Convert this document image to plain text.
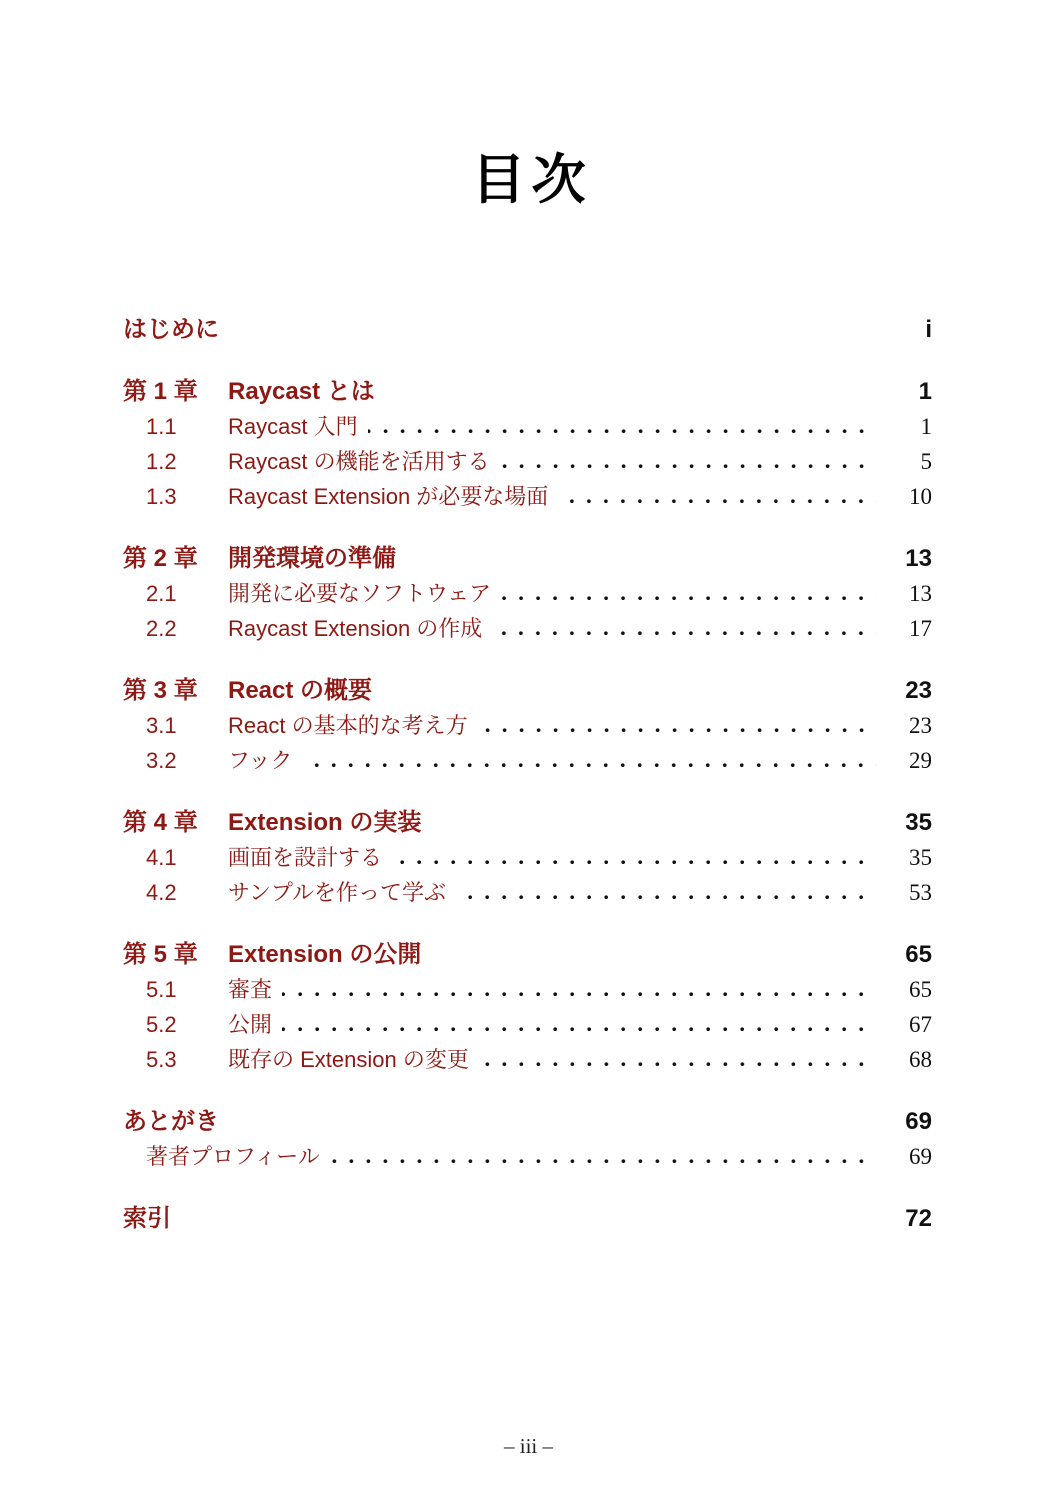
目次
はじめに	i
第 1 章	Raycast とは	1
1.1	Raycast 入門	1
1.2	Raycast の機能を活用する	5
1.3	Raycast Extension が必要な場面	10
第 2 章	開発環境の準備	13
2.1	開発に必要なソフトウェア	13
2.2	Raycast Extension の作成	17
第 3 章	React の概要	23
3.1	React の基本的な考え方	23
3.2	フック	29
第 4 章	Extension の実装	35
4.1	画面を設計する	35
4.2	サンプルを作って学ぶ	53
第 5 章	Extension の公開	65
5.1	審査	65
5.2	公開	67
5.3	既存の Extension の変更	68
あとがき	69
著者プロフィール	69
索引	72
– iii –
